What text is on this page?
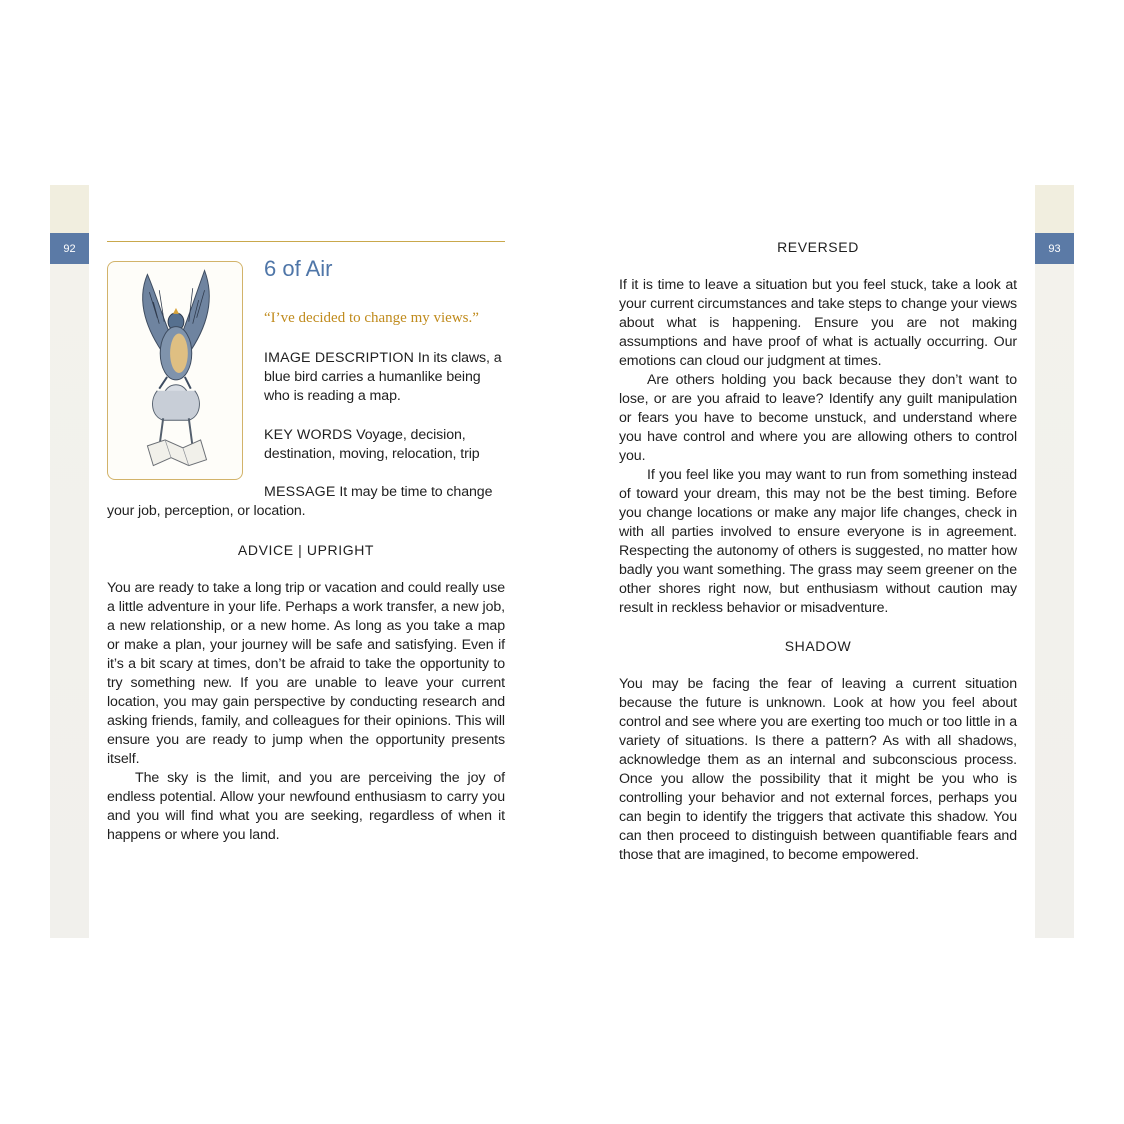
92	93
6 of Air

“I’ve decided to change my views.”

IMAGE DESCRIPTION In its claws, a blue bird carries a humanlike being who is reading a map.

KEY WORDS Voyage, decision, destination, moving, relocation, trip

MESSAGE It may be time to change your job, perception, or location.

ADVICE | UPRIGHT

You are ready to take a long trip or vacation and could really use a little adventure in your life. Perhaps a work transfer, a new job, a new relationship, or a new home. As long as you take a map or make a plan, your journey will be safe and satisfying. Even if it’s a bit scary at times, don’t be afraid to take the opportunity to try something new. If you are unable to leave your current location, you may gain perspective by conducting research and asking friends, family, and colleagues for their opinions. This will ensure you are ready to jump when the opportunity presents itself.

The sky is the limit, and you are perceiving the joy of endless potential. Allow your newfound enthusiasm to carry you and you will find what you are seeking, regardless of when it happens or where you land.

REVERSED

If it is time to leave a situation but you feel stuck, take a look at your current circumstances and take steps to change your views about what is happening. Ensure you are not making assumptions and have proof of what is actually occurring. Our emotions can cloud our judgment at times.

Are others holding you back because they don’t want to lose, or are you afraid to leave? Identify any guilt manipulation or fears you have to become unstuck, and understand where you have control and where you are allowing others to control you.

If you feel like you may want to run from something instead of toward your dream, this may not be the best timing. Before you change locations or make any major life changes, check in with all parties involved to ensure everyone is in agreement. Respecting the autonomy of others is suggested, no matter how badly you want something. The grass may seem greener on the other shores right now, but enthusiasm without caution may result in reckless behavior or misadventure.

SHADOW

You may be facing the fear of leaving a current situation because the future is unknown. Look at how you feel about control and see where you are exerting too much or too little in a variety of situations. Is there a pattern? As with all shadows, acknowledge them as an internal and subconscious process. Once you allow the possibility that it might be you who is controlling your behavior and not external forces, perhaps you can begin to identify the triggers that activate this shadow. You can then proceed to distinguish between quantifiable fears and those that are imagined, to become empowered.
